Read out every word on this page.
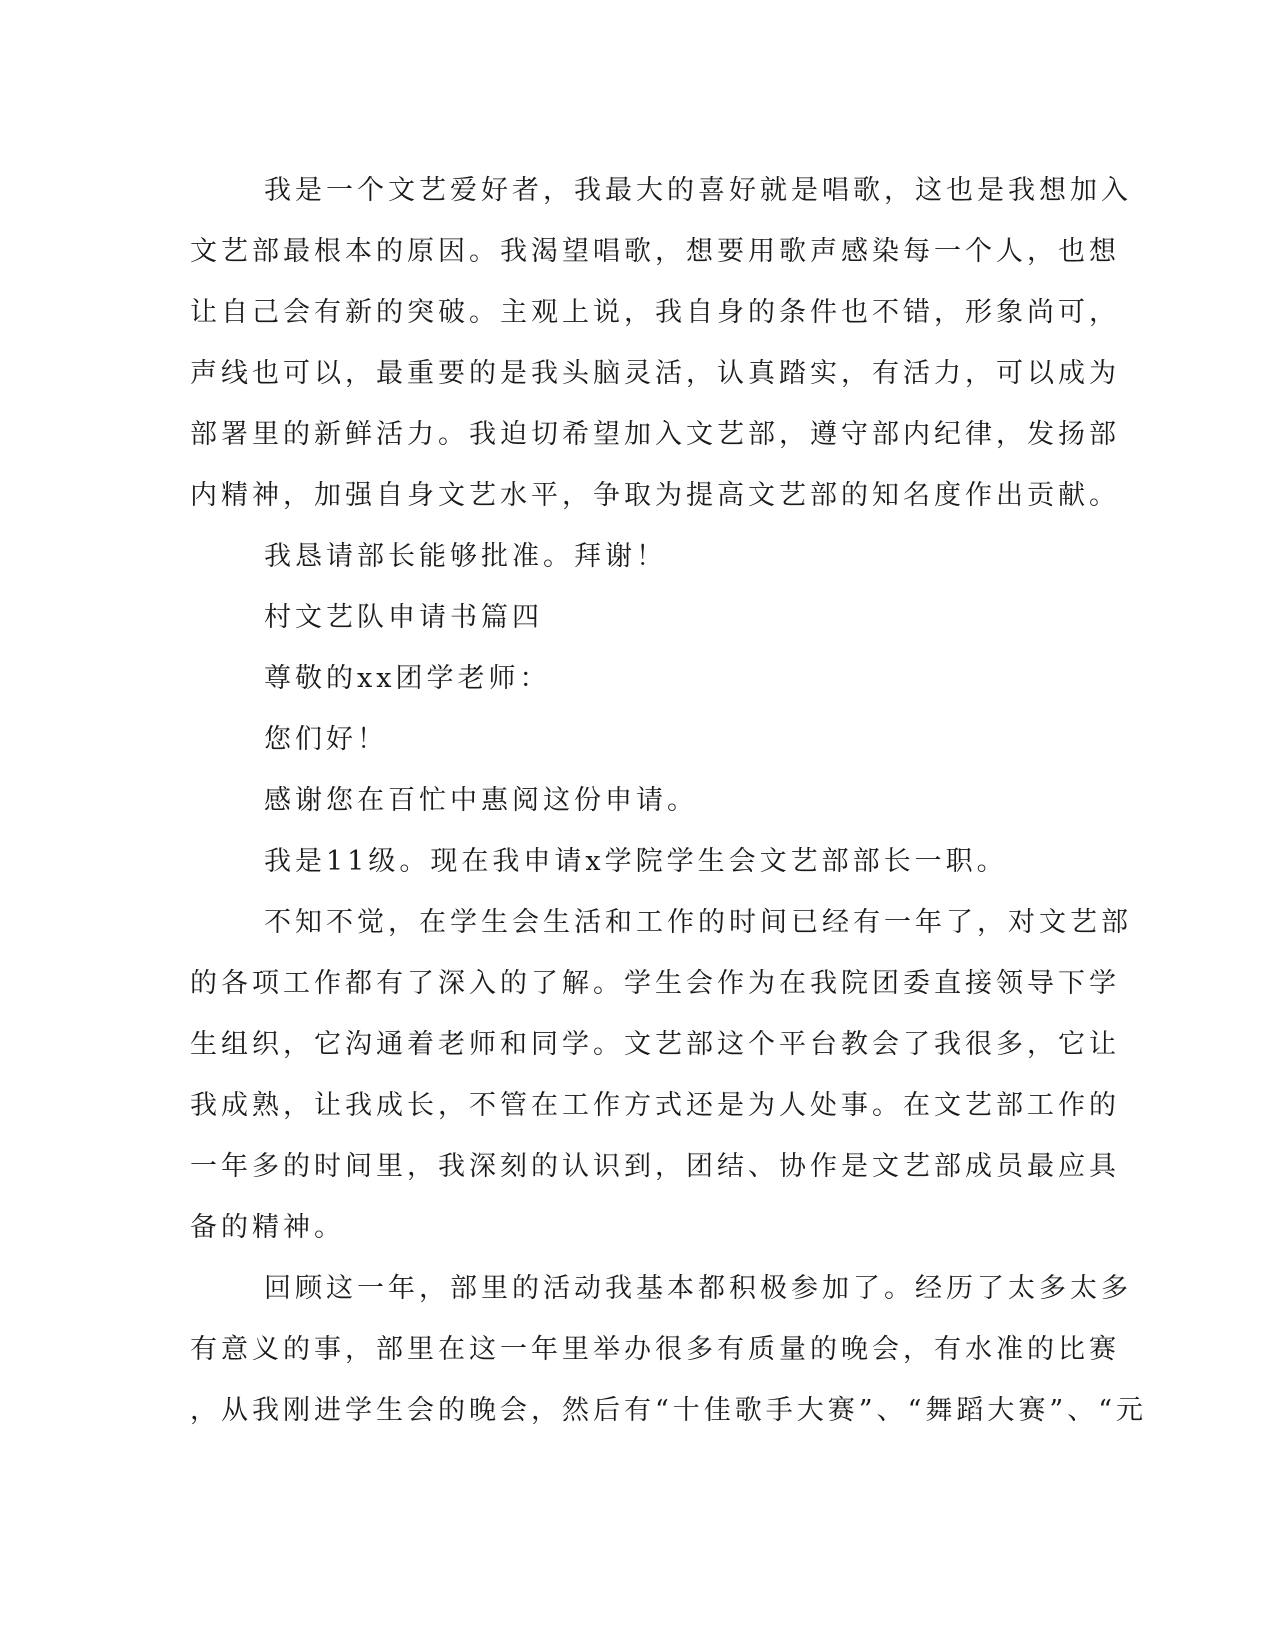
我是一个文艺爱好者，我最大的喜好就是唱歌，这也是我想加入
文艺部最根本的原因。我渴望唱歌，想要用歌声感染每一个人，也想
让自己会有新的突破。主观上说，我自身的条件也不错，形象尚可，
声线也可以，最重要的是我头脑灵活，认真踏实，有活力，可以成为
部署里的新鲜活力。我迫切希望加入文艺部，遵守部内纪律，发扬部
内精神，加强自身文艺水平，争取为提高文艺部的知名度作出贡献。

我恳请部长能够批准。拜谢！

村文艺队申请书篇四

尊敬的xx团学老师：

您们好！

感谢您在百忙中惠阅这份申请。

我是11级。现在我申请x学院学生会文艺部部长一职。

不知不觉，在学生会生活和工作的时间已经有一年了，对文艺部
的各项工作都有了深入的了解。学生会作为在我院团委直接领导下学
生组织，它沟通着老师和同学。文艺部这个平台教会了我很多，它让
我成熟，让我成长，不管在工作方式还是为人处事。在文艺部工作的
一年多的时间里，我深刻的认识到，团结、协作是文艺部成员最应具
备的精神。

回顾这一年，部里的活动我基本都积极参加了。经历了太多太多
有意义的事，部里在这一年里举办很多有质量的晚会，有水准的比赛
，从我刚进学生会的晚会，然后有“十佳歌手大赛”、“舞蹈大赛”、“元
